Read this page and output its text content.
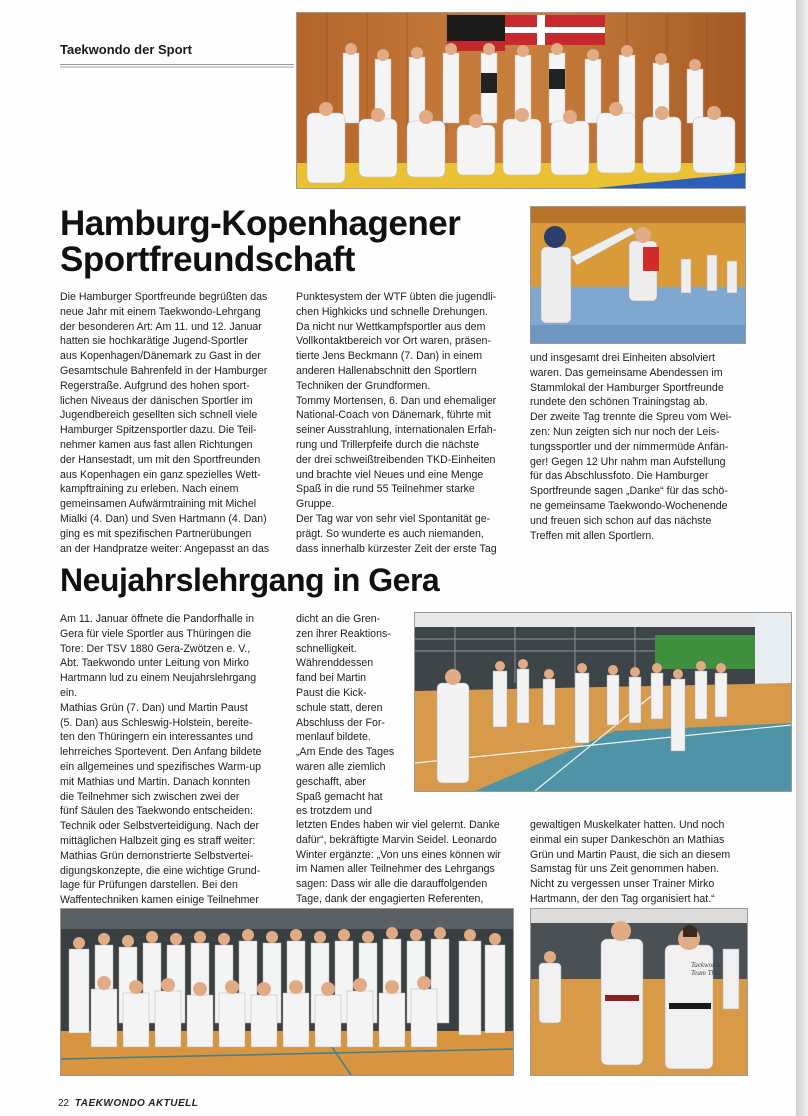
Taekwondo der Sport
Hamburg-Kopenhagener
Sportfreundschaft
Die Hamburger Sportfreunde begrüßten das
neue Jahr mit einem Taekwondo-Lehrgang
der besonderen Art: Am 11. und 12. Januar
hatten sie hochkarätige Jugend-Sportler
aus Kopenhagen/Dänemark zu Gast in der
Gesamtschule Bahrenfeld in der Hamburger
Regerstraße. Aufgrund des hohen sport-
lichen Niveaus der dänischen Sportler im
Jugendbereich gesellten sich schnell viele
Hamburger Spitzensportler dazu. Die Teil-
nehmer kamen aus fast allen Richtungen
der Hansestadt, um mit den Sportfreunden
aus Kopenhagen ein ganz spezielles Wett-
kampftraining zu erleben. Nach einem
gemeinsamen Aufwärmtraining mit Michel
Mialki (4. Dan) und Sven Hartmann (4. Dan)
ging es mit spezifischen Partnerübungen
an der Handpratze weiter: Angepasst an das
Punktesystem der WTF übten die jugendli-
chen Highkicks und schnelle Drehungen.
Da nicht nur Wettkampfsportler aus dem
Vollkontaktbereich vor Ort waren, präsen-
tierte Jens Beckmann (7. Dan) in einem
anderen Hallenabschnitt den Sportlern
Techniken der Grundformen.
Tommy Mortensen, 6. Dan und ehemaliger
National-Coach von Dänemark, führte mit
seiner Ausstrahlung, internationalen Erfah-
rung und Trillerpfeife durch die nächste
der drei schweißtreibenden TKD-Einheiten
und brachte viel Neues und eine Menge
Spaß in die rund 55 Teilnehmer starke
Gruppe.
Der Tag war von sehr viel Spontanität ge-
prägt. So wunderte es auch niemanden,
dass innerhalb kürzester Zeit der erste Tag
und insgesamt drei Einheiten absolviert
waren. Das gemeinsame Abendessen im
Stammlokal der Hamburger Sportfreunde
rundete den schönen Trainingstag ab.
Der zweite Tag trennte die Spreu vom Wei-
zen: Nun zeigten sich nur noch der Leis-
tungssportler und der nimmermüde Anfän-
ger! Gegen 12 Uhr nahm man Aufstellung
für das Abschlussfoto. Die Hamburger
Sportfreunde sagen „Danke“ für das schö-
ne gemeinsame Taekwondo-Wochenende
und freuen sich schon auf das nächste
Treffen mit allen Sportlern.
Neujahrslehrgang in Gera
Am 11. Januar öffnete die Pandorfhalle in
Gera für viele Sportler aus Thüringen die
Tore: Der TSV 1880 Gera-Zwötzen e. V.,
Abt. Taekwondo unter Leitung von Mirko
Hartmann lud zu einem Neujahrslehrgang
ein.
Mathias Grün (7. Dan) und Martin Paust
(5. Dan) aus Schleswig-Holstein, bereite-
ten den Thüringern ein interessantes und
lehrreiches Sportevent. Den Anfang bildete
ein allgemeines und spezifisches Warm-up
mit Mathias und Martin. Danach konnten
die Teilnehmer sich zwischen zwei der
fünf Säulen des Taekwondo entscheiden:
Technik oder Selbstverteidigung. Nach der
mittäglichen Halbzeit ging es straff weiter:
Mathias Grün demonstrierte Selbstvertei-
digungskonzepte, die eine wichtige Grund-
lage für Prüfungen darstellen. Bei den
Waffentechniken kamen einige Teilnehmer
dicht an die Gren-
zen ihrer Reaktions-
schnelligkeit.
Währenddessen
fand bei Martin
Paust die Kick-
schule statt, deren
Abschluss der For-
menlauf bildete.
„Am Ende des Tages
waren alle ziemlich
geschafft, aber
Spaß gemacht hat
es trotzdem und
letzten Endes haben wir viel gelernt. Danke
dafür“, bekräftigte Marvin Seidel. Leonardo
Winter ergänzte: „Von uns eines können wir
im Namen aller Teilnehmer des Lehrgangs
sagen: Dass wir alle die darauffolgenden
Tage, dank der engagierten Referenten,
gewaltigen Muskelkater hatten. Und noch
einmal ein super Dankeschön an Mathias
Grün und Martin Paust, die sich an diesem
Samstag für uns Zeit genommen haben.
Nicht zu vergessen unser Trainer Mirko
Hartmann, der den Tag organisiert hat.“
Taekwondo
Team Thür.
22 TAEKWONDO AKTUELL
